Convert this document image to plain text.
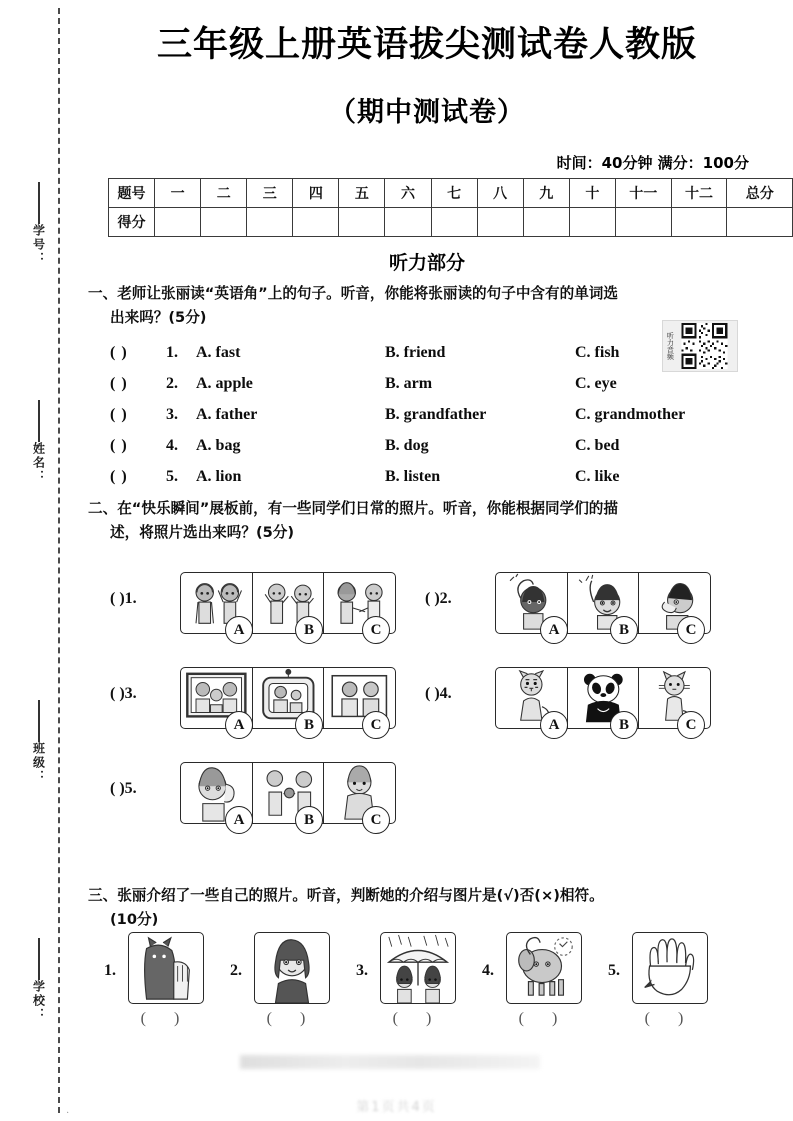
学号：
姓名：
班级：
学校：
三年级上册英语拔尖测试卷人教版
（期中测试卷）
时间：40分钟 满分：100分
题号	一	二	三	四	五	六	七	八	九	十	十一	十二	总分
得分													
听力部分
一、老师让张丽读“英语角”上的句子。听音，你能将张丽读的句子中含有的单词选
出来吗？(5分)
( ) 1. A. fast	B. friend	C. fish
( ) 2. A. apple	B. arm	C. eye
( ) 3. A. father	B. grandfather	C. grandmother
( ) 4. A. bag	B. dog	C. bed
( ) 5. A. lion	B. listen	C. like
听力音频
二、在“快乐瞬间”展板前，有一些同学们日常的照片。听音，你能根据同学们的描
述，将照片选出来吗？(5分)
( )1.
A	B	C
( )2.
A	B	C
( )3.
A	B	C
( )4.
A	B	C
( )5.
A	B	C
三、张丽介绍了一些自己的照片。听音，判断她的介绍与图片是(√)否(×)相符。
(10分)
1.
( )
2.
( )
3.
( )
4.
( )
5.
( )
第1页共4页
·
